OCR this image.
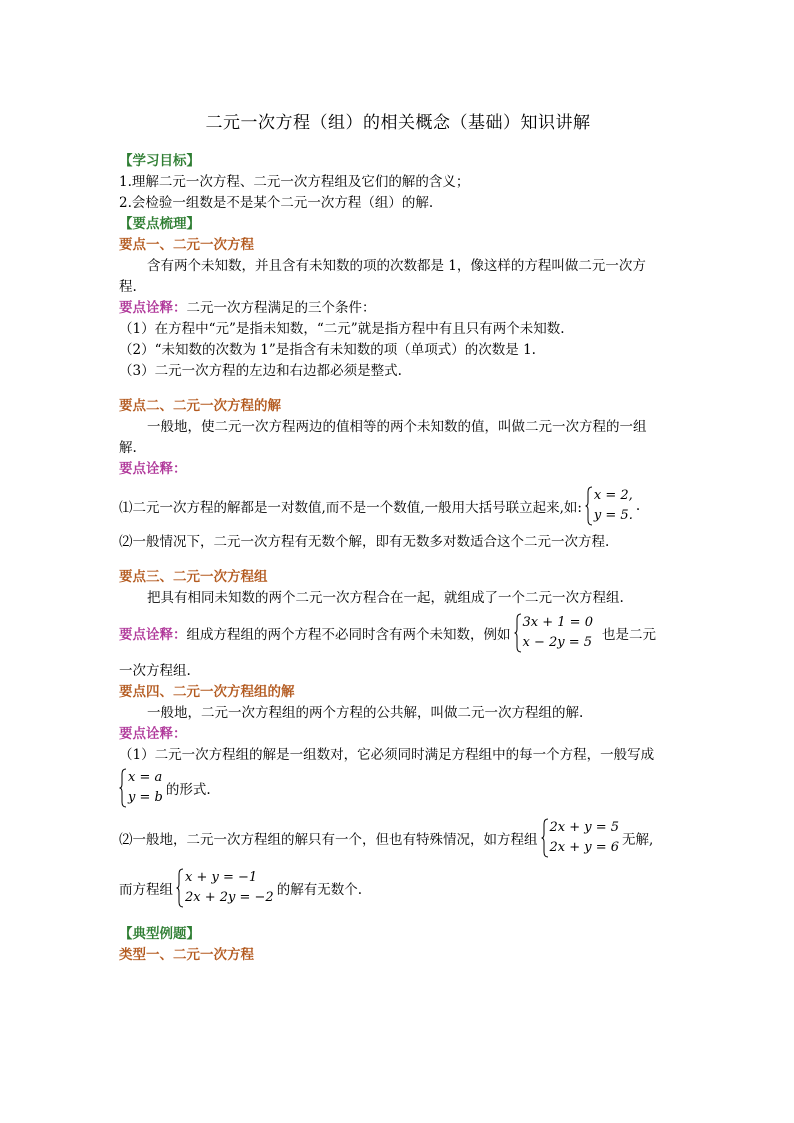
二元一次方程（组）的相关概念（基础）知识讲解
【学习目标】
1.理解二元一次方程、二元一次方程组及它们的解的含义；
2.会检验一组数是不是某个二元一次方程（组）的解.
【要点梳理】
要点一、二元一次方程
含有两个未知数，并且含有未知数的项的次数都是 1，像这样的方程叫做二元一次方
程.
要点诠释：二元一次方程满足的三个条件：
（1）在方程中“元”是指未知数，“二元”就是指方程中有且只有两个未知数.
（2）“未知数的次数为 1”是指含有未知数的项（单项式）的次数是 1.
（3）二元一次方程的左边和右边都必须是整式.
要点二、二元一次方程的解
一般地，使二元一次方程两边的值相等的两个未知数的值，叫做二元一次方程的一组
解.
要点诠释：
⑴二元一次方程的解都是一对数值,而不是一个数值,一般用大括号联立起来,如:
x = 2,
y = 5.
.
⑵一般情况下，二元一次方程有无数个解，即有无数多对数适合这个二元一次方程.
要点三、二元一次方程组
把具有相同未知数的两个二元一次方程合在一起，就组成了一个二元一次方程组.
要点诠释： 组成方程组的两个方程不必同时含有两个未知数，例如
3x + 1 = 0
x − 2y = 5 也是二元
一次方程组.
要点四、二元一次方程组的解
一般地，二元一次方程组的两个方程的公共解，叫做二元一次方程组的解.
要点诠释：
（1）二元一次方程组的解是一组数对，它必须同时满足方程组中的每一个方程，一般写成
x = a
y = b 的形式.
⑵一般地，二元一次方程组的解只有一个，但也有特殊情况，如方程组
2x + y = 5
2x + y = 6 无解,
而方程组
x + y = −1
2x + 2y = −2 的解有无数个.
【典型例题】
类型一、二元一次方程
